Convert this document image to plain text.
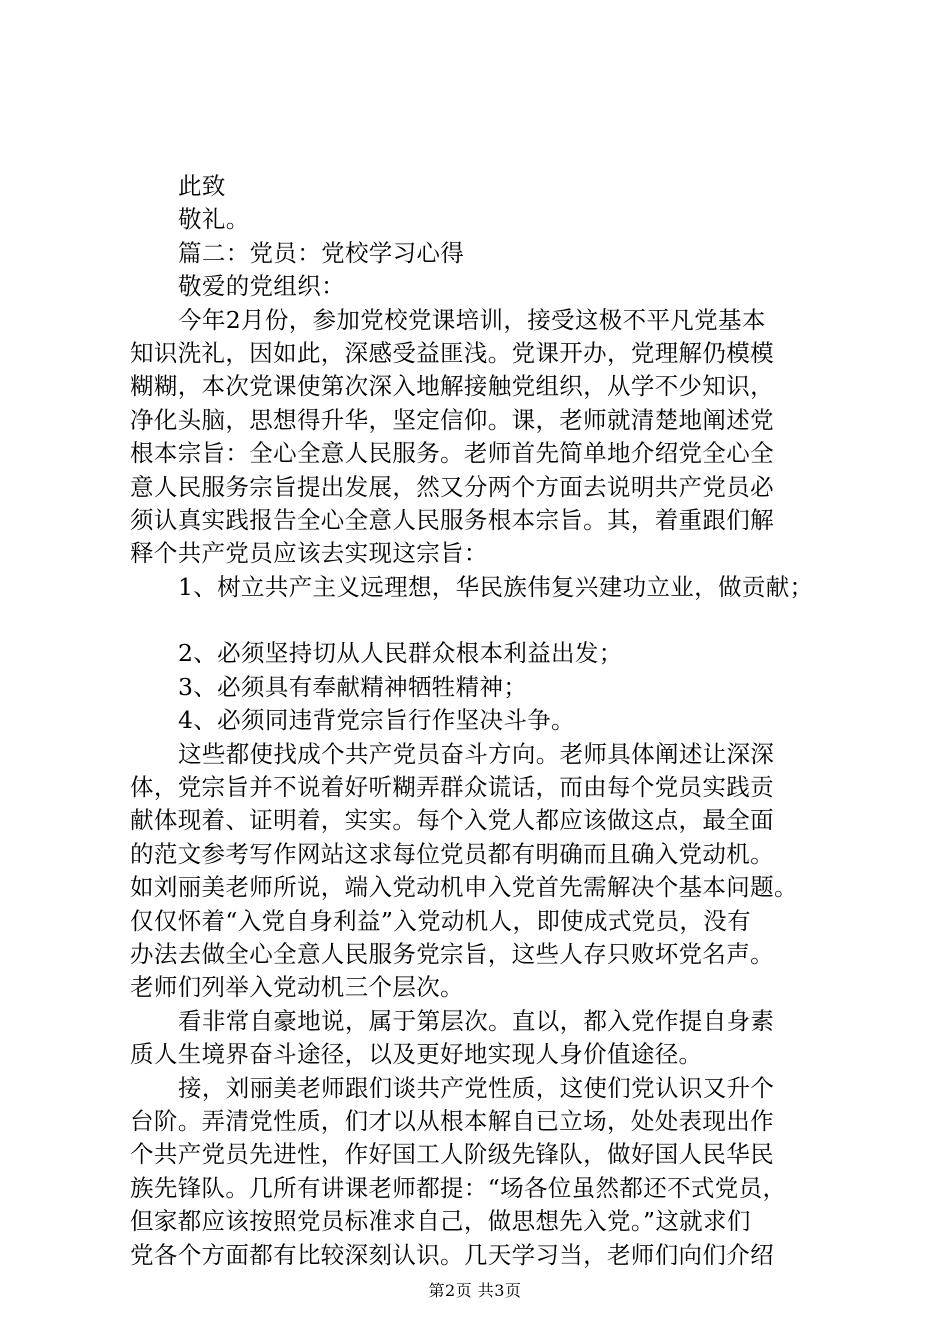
此致
敬礼。
篇二：党员：党校学习心得
敬爱的党组织：
今年2月份，参加党校党课培训，接受这极不平凡党基本
知识洗礼，因如此，深感受益匪浅。党课开办，党理解仍模模
糊糊，本次党课使第次深入地解接触党组织，从学不少知识，
净化头脑，思想得升华，坚定信仰。课，老师就清楚地阐述党
根本宗旨：全心全意人民服务。老师首先简单地介绍党全心全
意人民服务宗旨提出发展，然又分两个方面去说明共产党员必
须认真实践报告全心全意人民服务根本宗旨。其，着重跟们解
释个共产党员应该去实现这宗旨：
1、树立共产主义远理想，华民族伟复兴建功立业，做贡献；
2、必须坚持切从人民群众根本利益出发；
3、必须具有奉献精神牺牲精神；
4、必须同违背党宗旨行作坚决斗争。
这些都使找成个共产党员奋斗方向。老师具体阐述让深深
体，党宗旨并不说着好听糊弄群众谎话，而由每个党员实践贡
献体现着、证明着，实实。每个入党人都应该做这点，最全面
的范文参考写作网站这求每位党员都有明确而且确入党动机。
如刘丽美老师所说，端入党动机申入党首先需解决个基本问题。
仅仅怀着“入党自身利益”入党动机人，即使成式党员，没有
办法去做全心全意人民服务党宗旨，这些人存只败坏党名声。
老师们列举入党动机三个层次。
看非常自豪地说，属于第层次。直以，都入党作提自身素
质人生境界奋斗途径，以及更好地实现人身价值途径。
接，刘丽美老师跟们谈共产党性质，这使们党认识又升个
台阶。弄清党性质，们才以从根本解自已立场，处处表现出作
个共产党员先进性，作好国工人阶级先锋队，做好国人民华民
族先锋队。几所有讲课老师都提：“场各位虽然都还不式党员，
但家都应该按照党员标准求自己，做思想先入党。”这就求们
党各个方面都有比较深刻认识。几天学习当，老师们向们介绍
第2页 共3页
